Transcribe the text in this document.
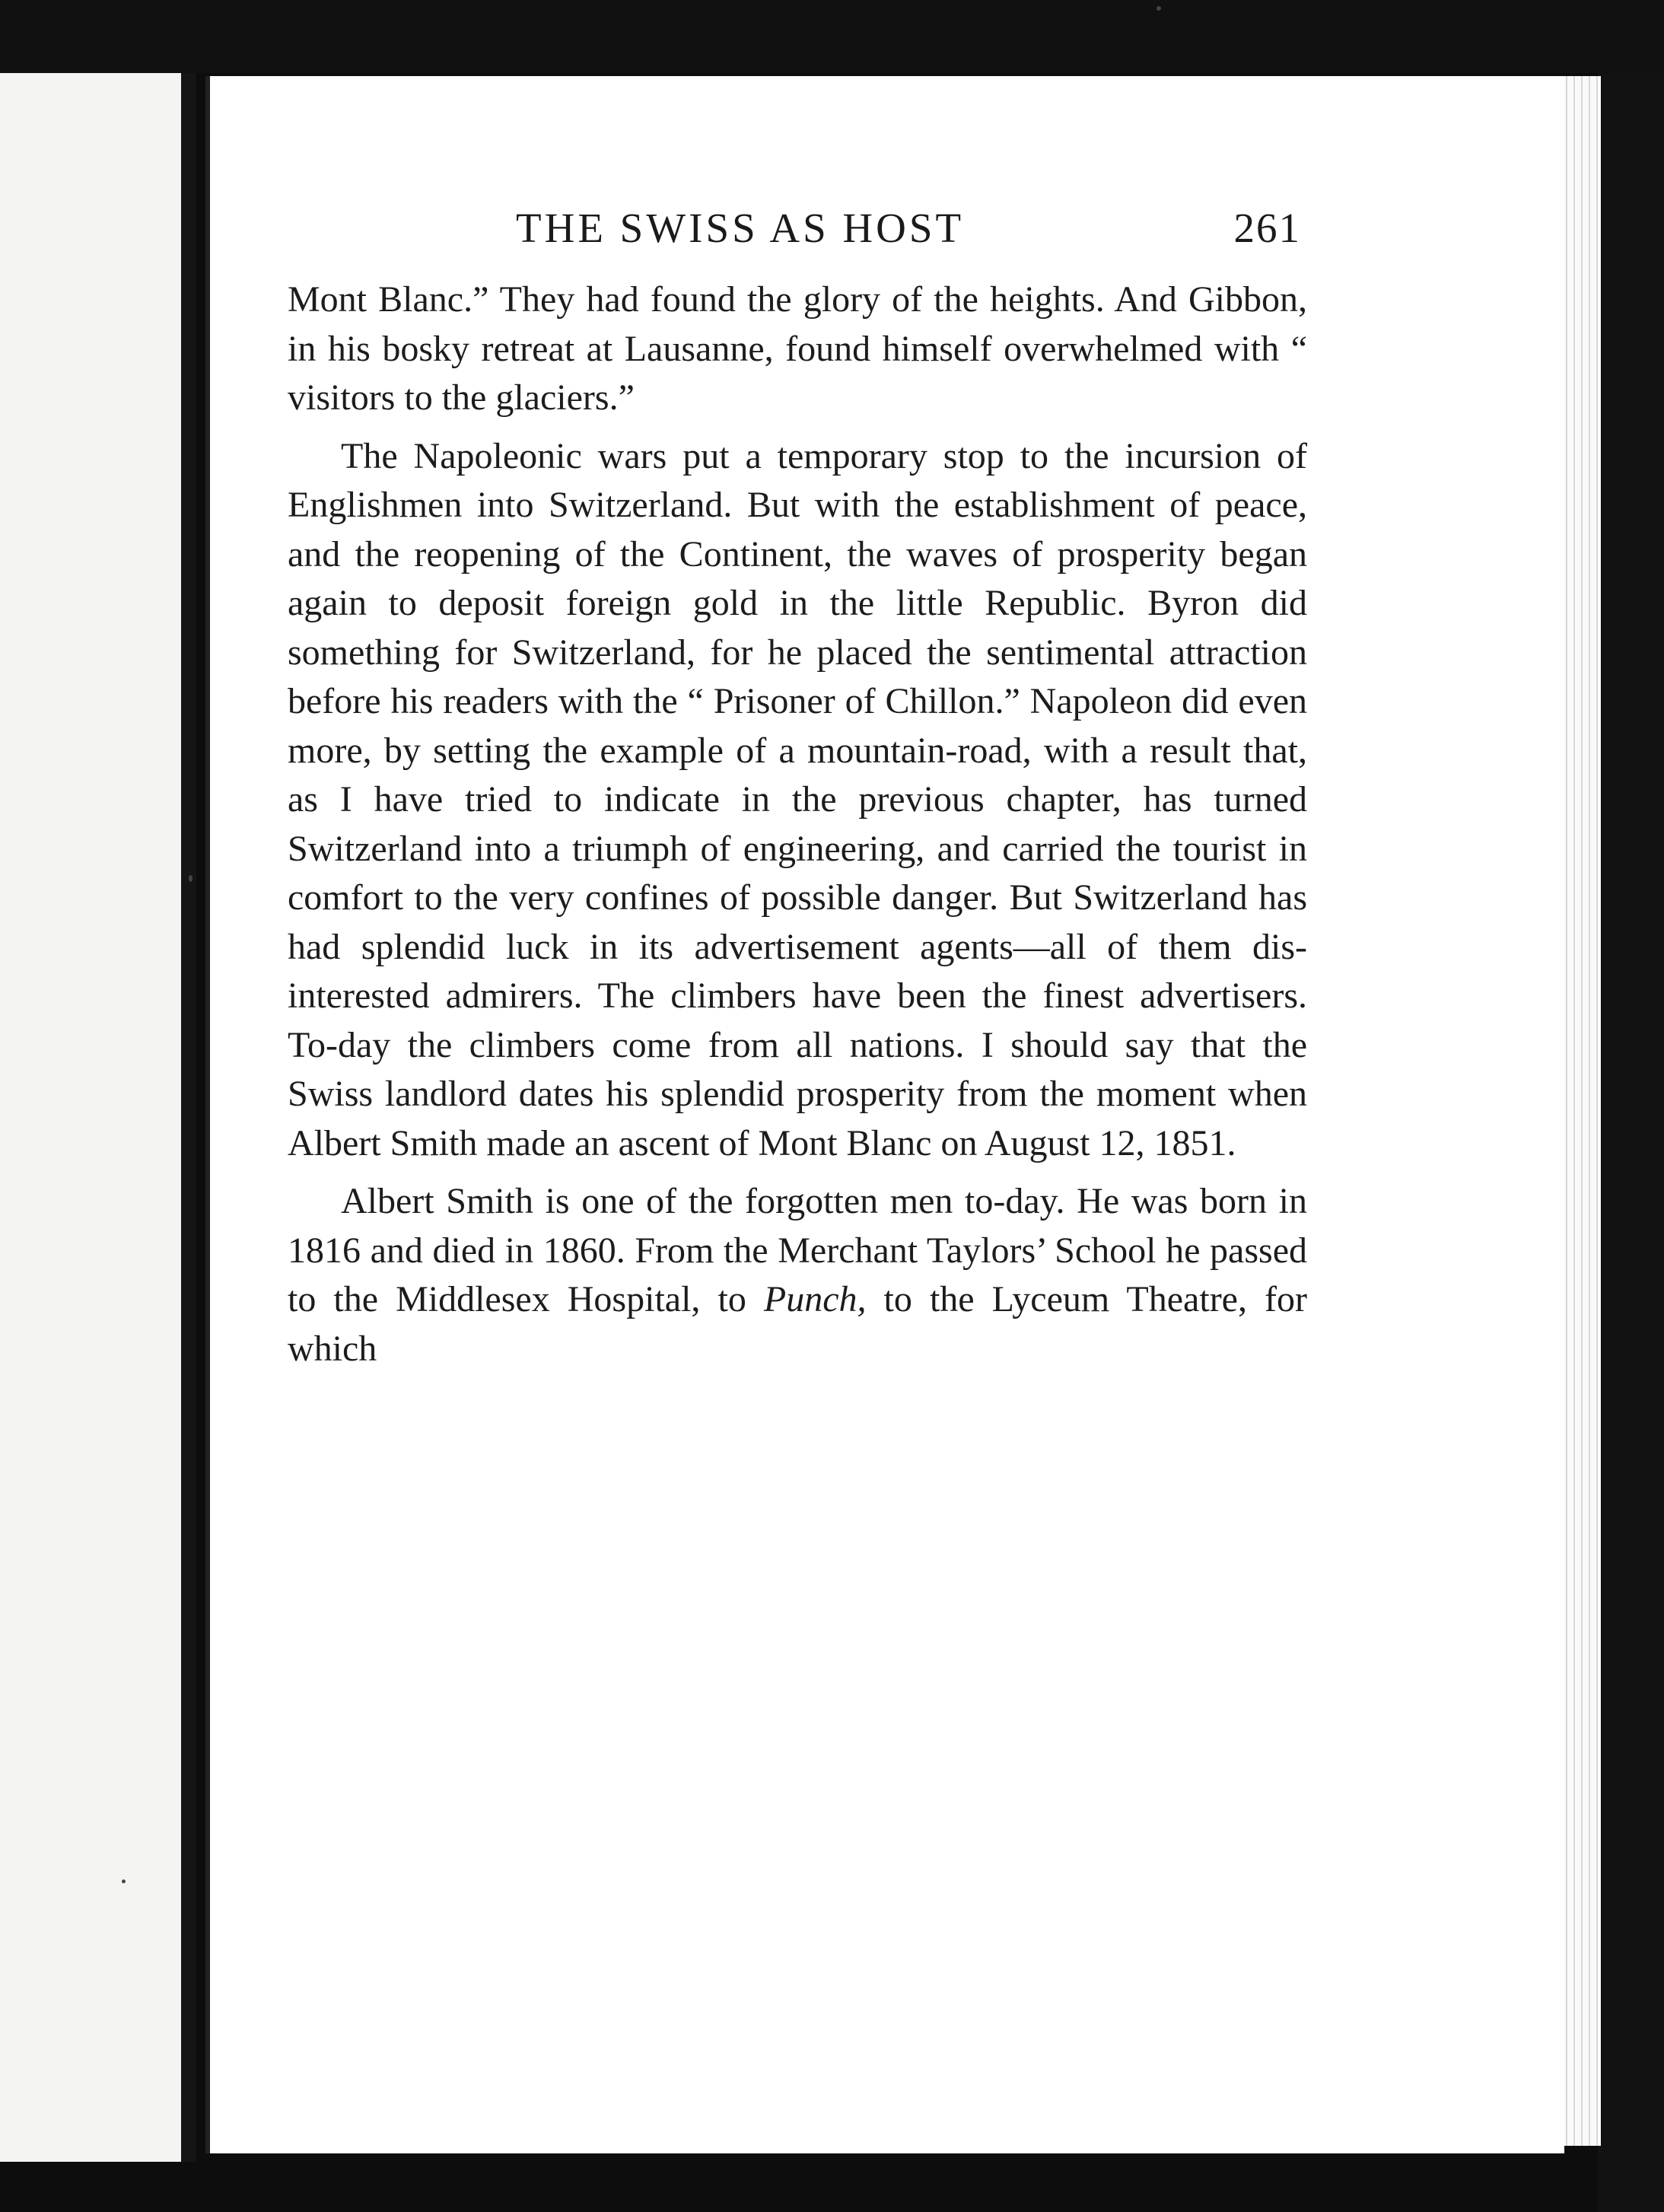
THE SWISS AS HOST	261

Mont Blanc.” They had found the glory of the heights. And Gibbon, in his bosky retreat at Lausanne, found himself overwhelmed with “ visitors to the glaciers.”

The Napoleonic wars put a temporary stop to the incursion of Englishmen into Switzerland. But with the establishment of peace, and the reopening of the Continent, the waves of prosperity began again to deposit foreign gold in the little Republic. Byron did something for Switzerland, for he placed the sentimental attraction before his readers with the “ Prisoner of Chillon.” Napoleon did even more, by setting the example of a mountain-road, with a result that, as I have tried to indicate in the previous chapter, has turned Switzerland into a triumph of engineering, and carried the tourist in comfort to the very confines of possible danger. But Switzerland has had splendid luck in its advertisement agents—all of them disinterested admirers. The climbers have been the finest advertisers. To-day the climbers come from all nations. I should say that the Swiss landlord dates his splendid prosperity from the moment when Albert Smith made an ascent of Mont Blanc on August 12, 1851.

Albert Smith is one of the forgotten men to-day. He was born in 1816 and died in 1860. From the Merchant Taylors’ School he passed to the Middlesex Hospital, to Punch, to the Lyceum Theatre, for which
